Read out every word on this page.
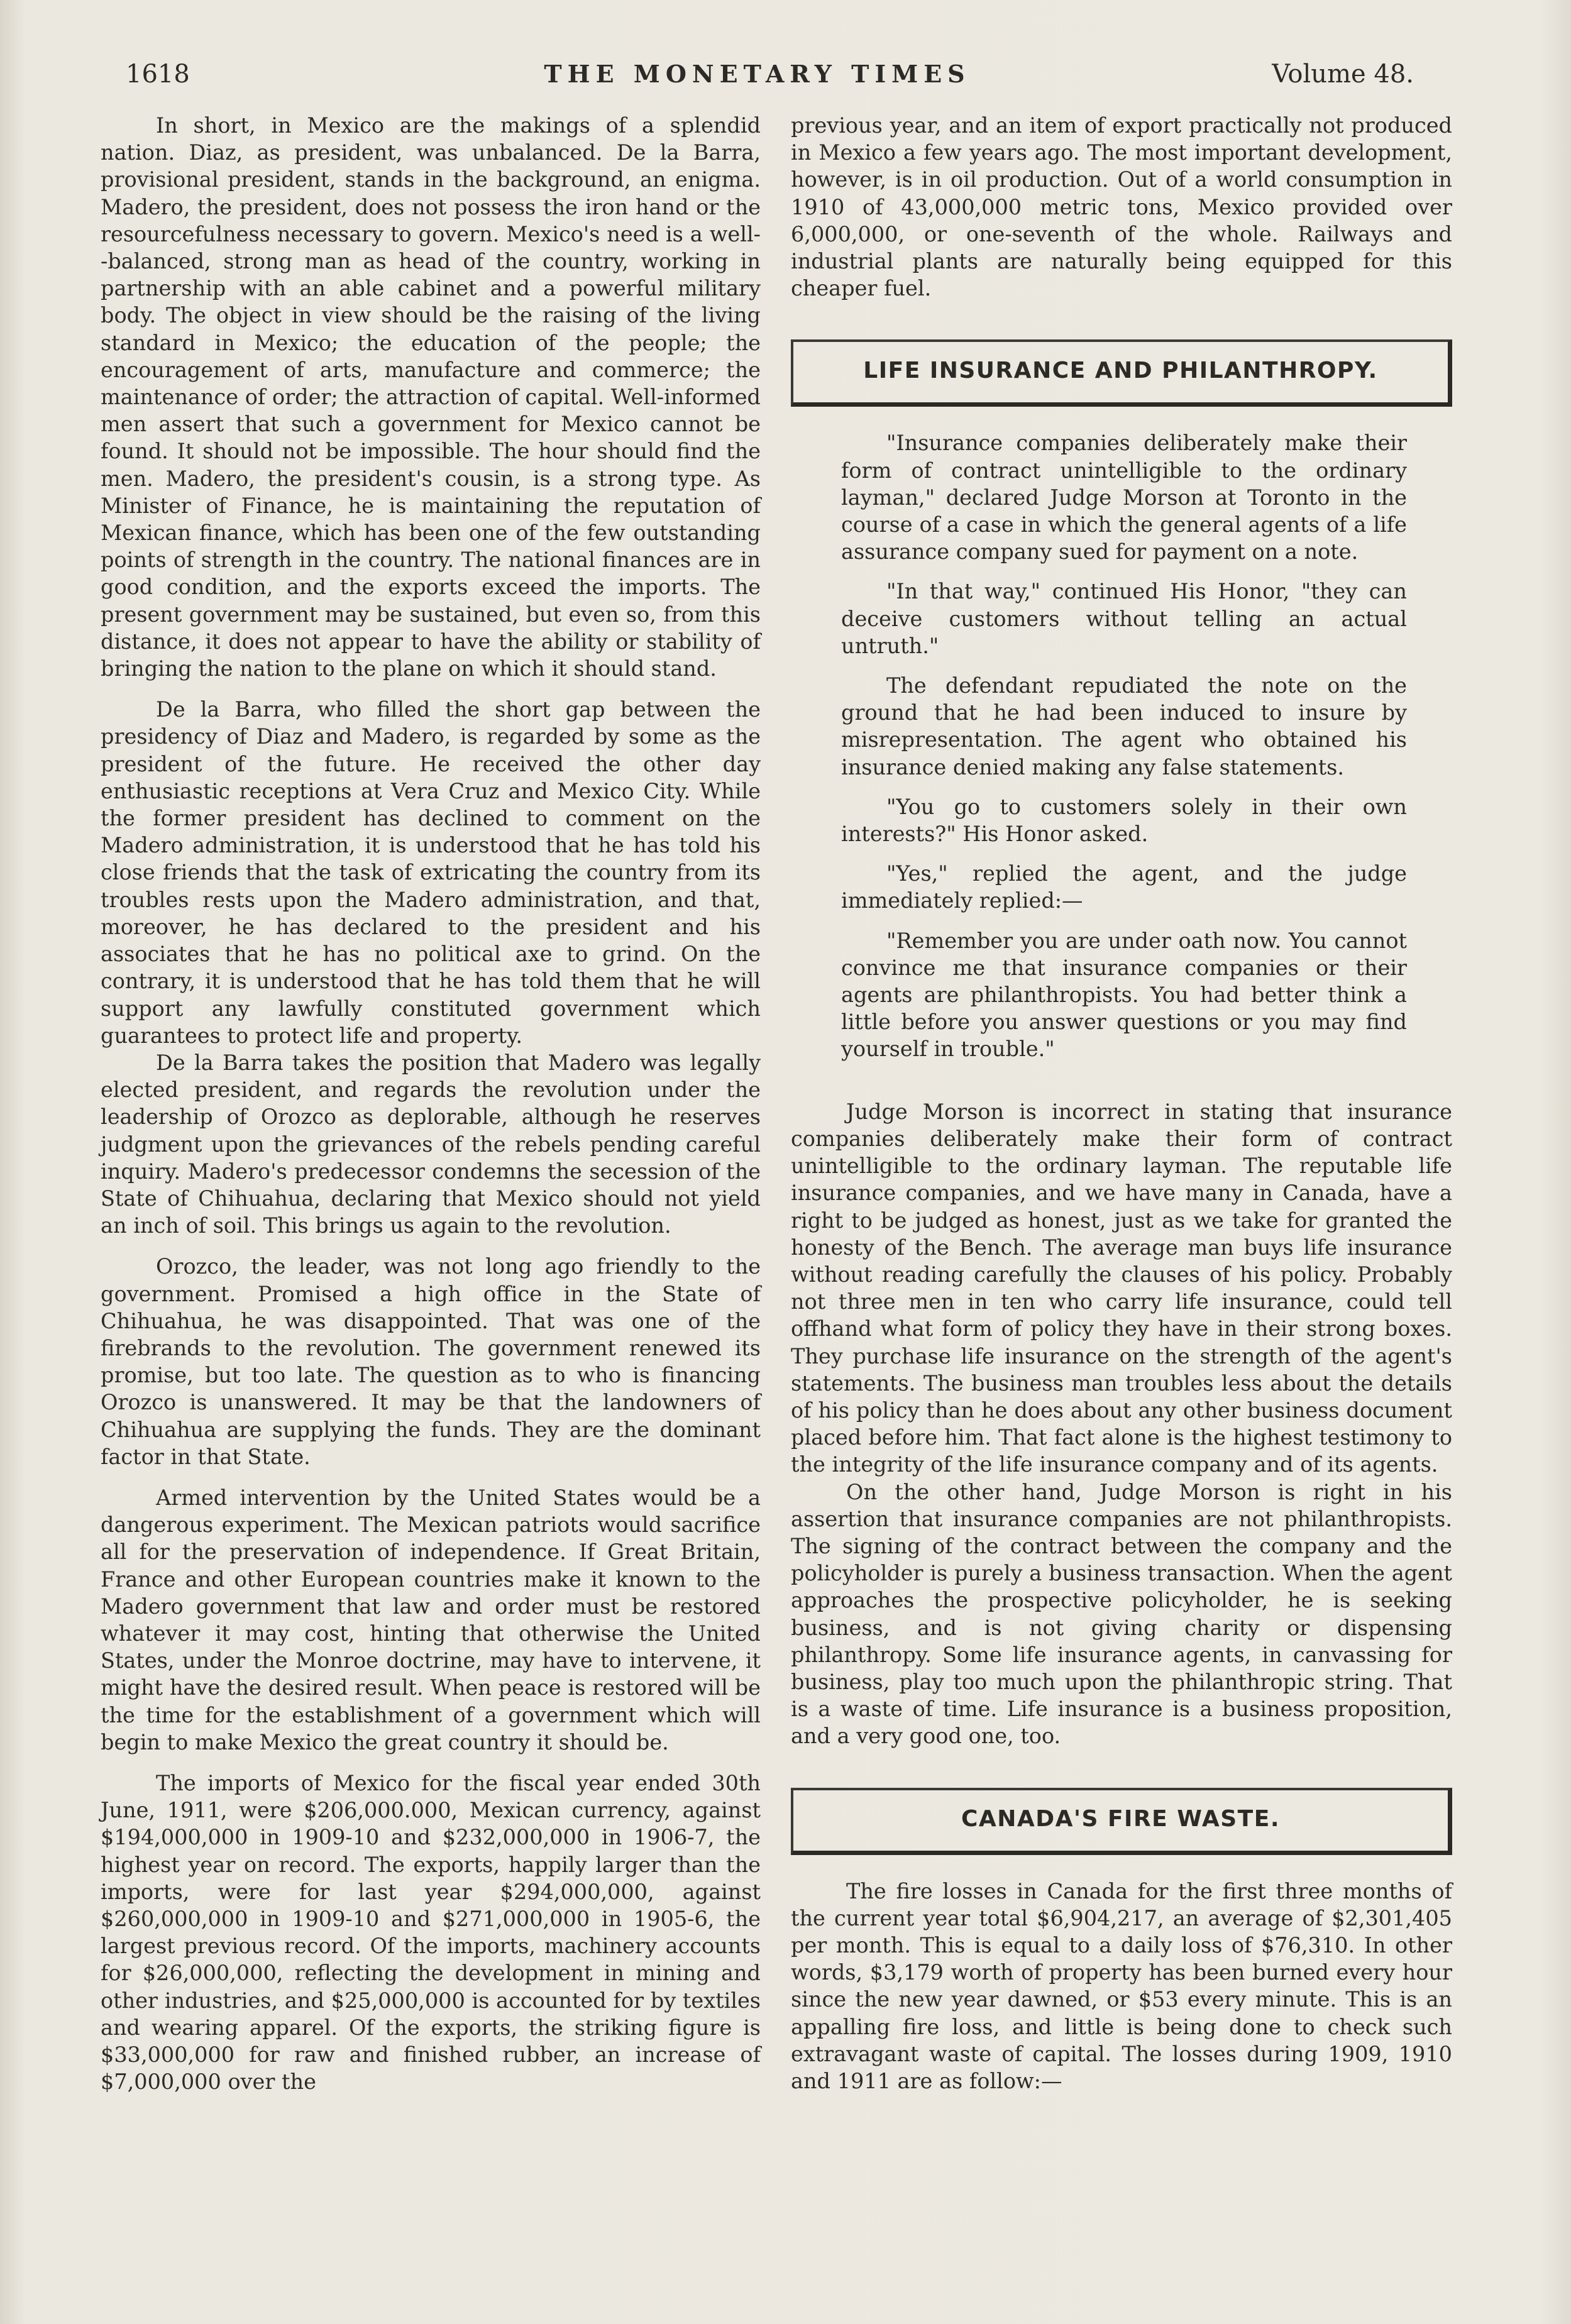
1618	THE MONETARY TIMES	Volume 48.

In short, in Mexico are the makings of a splendid nation. Diaz, as president, was unbalanced. De la Barra, provisional president, stands in the background, an enigma. Madero, the president, does not possess the iron hand or the resourcefulness necessary to govern. Mexico's need is a well--balanced, strong man as head of the country, working in partnership with an able cabinet and a powerful military body. The object in view should be the raising of the living standard in Mexico; the education of the people; the encouragement of arts, manufacture and commerce; the maintenance of order; the attraction of capital. Well-informed men assert that such a government for Mexico cannot be found. It should not be impossible. The hour should find the men. Madero, the president's cousin, is a strong type. As Minister of Finance, he is maintaining the reputation of Mexican finance, which has been one of the few outstanding points of strength in the country. The national finances are in good condition, and the exports exceed the imports. The present government may be sustained, but even so, from this distance, it does not appear to have the ability or stability of bringing the nation to the plane on which it should stand.

De la Barra, who filled the short gap between the presidency of Diaz and Madero, is regarded by some as the president of the future. He received the other day enthusiastic receptions at Vera Cruz and Mexico City. While the former president has declined to comment on the Madero administration, it is understood that he has told his close friends that the task of extricating the country from its troubles rests upon the Madero administration, and that, moreover, he has declared to the president and his associates that he has no political axe to grind. On the contrary, it is understood that he has told them that he will support any lawfully constituted government which guarantees to protect life and property.

De la Barra takes the position that Madero was legally elected president, and regards the revolution under the leadership of Orozco as deplorable, although he reserves judgment upon the grievances of the rebels pending careful inquiry. Madero's predecessor condemns the secession of the State of Chihuahua, declaring that Mexico should not yield an inch of soil. This brings us again to the revolution.

Orozco, the leader, was not long ago friendly to the government. Promised a high office in the State of Chihuahua, he was disappointed. That was one of the firebrands to the revolution. The government renewed its promise, but too late. The question as to who is financing Orozco is unanswered. It may be that the landowners of Chihuahua are supplying the funds. They are the dominant factor in that State.

Armed intervention by the United States would be a dangerous experiment. The Mexican patriots would sacrifice all for the preservation of independence. If Great Britain, France and other European countries make it known to the Madero government that law and order must be restored whatever it may cost, hinting that otherwise the United States, under the Monroe doctrine, may have to intervene, it might have the desired result. When peace is restored will be the time for the establishment of a government which will begin to make Mexico the great country it should be.

The imports of Mexico for the fiscal year ended 30th June, 1911, were $206,000.000, Mexican currency, against $194,000,000 in 1909-10 and $232,000,000 in 1906-7, the highest year on record. The exports, happily larger than the imports, were for last year $294,000,000, against $260,000,000 in 1909-10 and $271,000,000 in 1905-6, the largest previous record. Of the imports, machinery accounts for $26,000,000, reflecting the development in mining and other industries, and $25,000,000 is accounted for by textiles and wearing apparel. Of the exports, the striking figure is $33,000,000 for raw and finished rubber, an increase of $7,000,000 over the

previous year, and an item of export practically not produced in Mexico a few years ago. The most important development, however, is in oil production. Out of a world consumption in 1910 of 43,000,000 metric tons, Mexico provided over 6,000,000, or one-seventh of the whole. Railways and industrial plants are naturally being equipped for this cheaper fuel.

LIFE INSURANCE AND PHILANTHROPY.

"Insurance companies deliberately make their form of contract unintelligible to the ordinary layman," declared Judge Morson at Toronto in the course of a case in which the general agents of a life assurance company sued for payment on a note.

"In that way," continued His Honor, "they can deceive customers without telling an actual untruth."

The defendant repudiated the note on the ground that he had been induced to insure by misrepresentation. The agent who obtained his insurance denied making any false statements.

"You go to customers solely in their own interests?" His Honor asked.

"Yes," replied the agent, and the judge immediately replied:—

"Remember you are under oath now. You cannot convince me that insurance companies or their agents are philanthropists. You had better think a little before you answer questions or you may find yourself in trouble."

Judge Morson is incorrect in stating that insurance companies deliberately make their form of contract unintelligible to the ordinary layman. The reputable life insurance companies, and we have many in Canada, have a right to be judged as honest, just as we take for granted the honesty of the Bench. The average man buys life insurance without reading carefully the clauses of his policy. Probably not three men in ten who carry life insurance, could tell offhand what form of policy they have in their strong boxes. They purchase life insurance on the strength of the agent's statements. The business man troubles less about the details of his policy than he does about any other business document placed before him. That fact alone is the highest testimony to the integrity of the life insurance company and of its agents.

On the other hand, Judge Morson is right in his assertion that insurance companies are not philanthropists. The signing of the contract between the company and the policyholder is purely a business transaction. When the agent approaches the prospective policyholder, he is seeking business, and is not giving charity or dispensing philanthropy. Some life insurance agents, in canvassing for business, play too much upon the philanthropic string. That is a waste of time. Life insurance is a business proposition, and a very good one, too.

CANADA'S FIRE WASTE.

The fire losses in Canada for the first three months of the current year total $6,904,217, an average of $2,301,405 per month. This is equal to a daily loss of $76,310. In other words, $3,179 worth of property has been burned every hour since the new year dawned, or $53 every minute. This is an appalling fire loss, and little is being done to check such extravagant waste of capital. The losses during 1909, 1910 and 1911 are as follow:—
